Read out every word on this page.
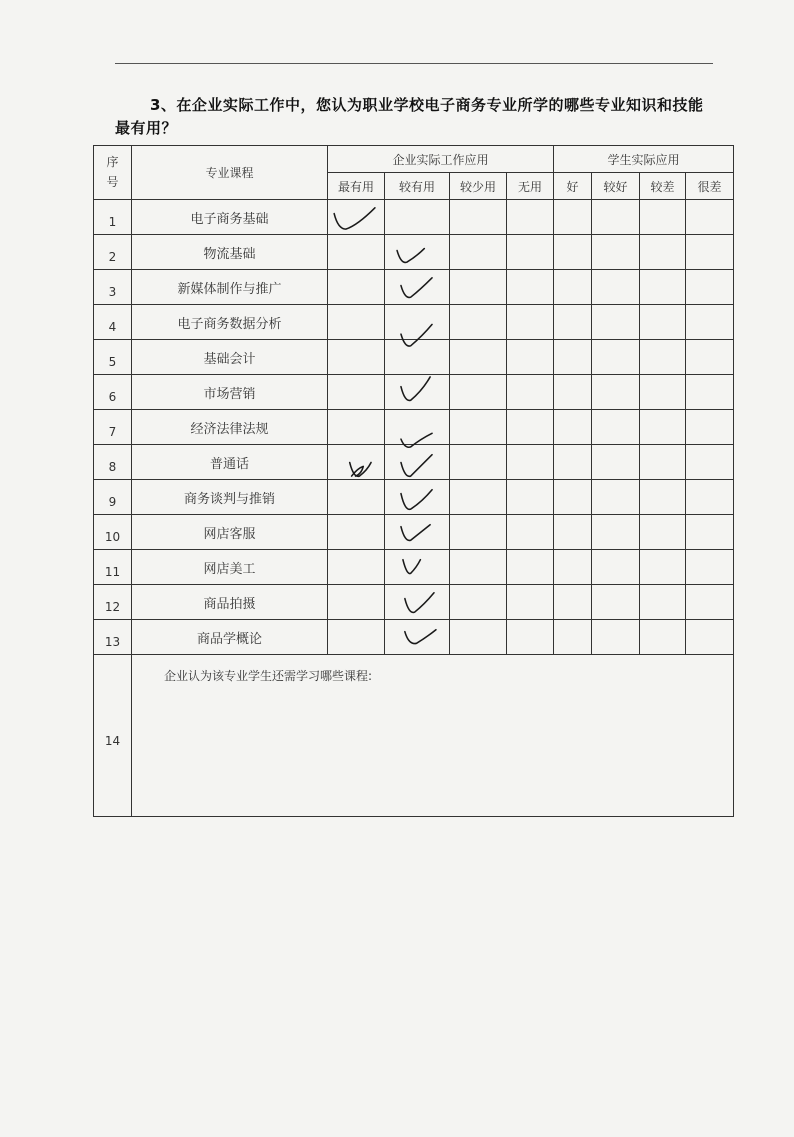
3、在企业实际工作中，您认为职业学校电子商务专业所学的哪些专业知识和技能
最有用？
序号	专业课程	企业实际工作应用				学生实际应用			
		最有用	较有用	较少用	无用	好	较好	较差	很差
1	电子商务基础	

2	物流基础		

3	新媒体制作与推广		

4	电子商务数据分析		

5	基础会计								
6	市场营销		

7	经济法律法规		

8	普通话	

9	商务谈判与推销		

10	网店客服		

11	网店美工		

12	商品拍摄		

13	商品学概论		

14	企业认为该专业学生还需学习哪些课程:								
